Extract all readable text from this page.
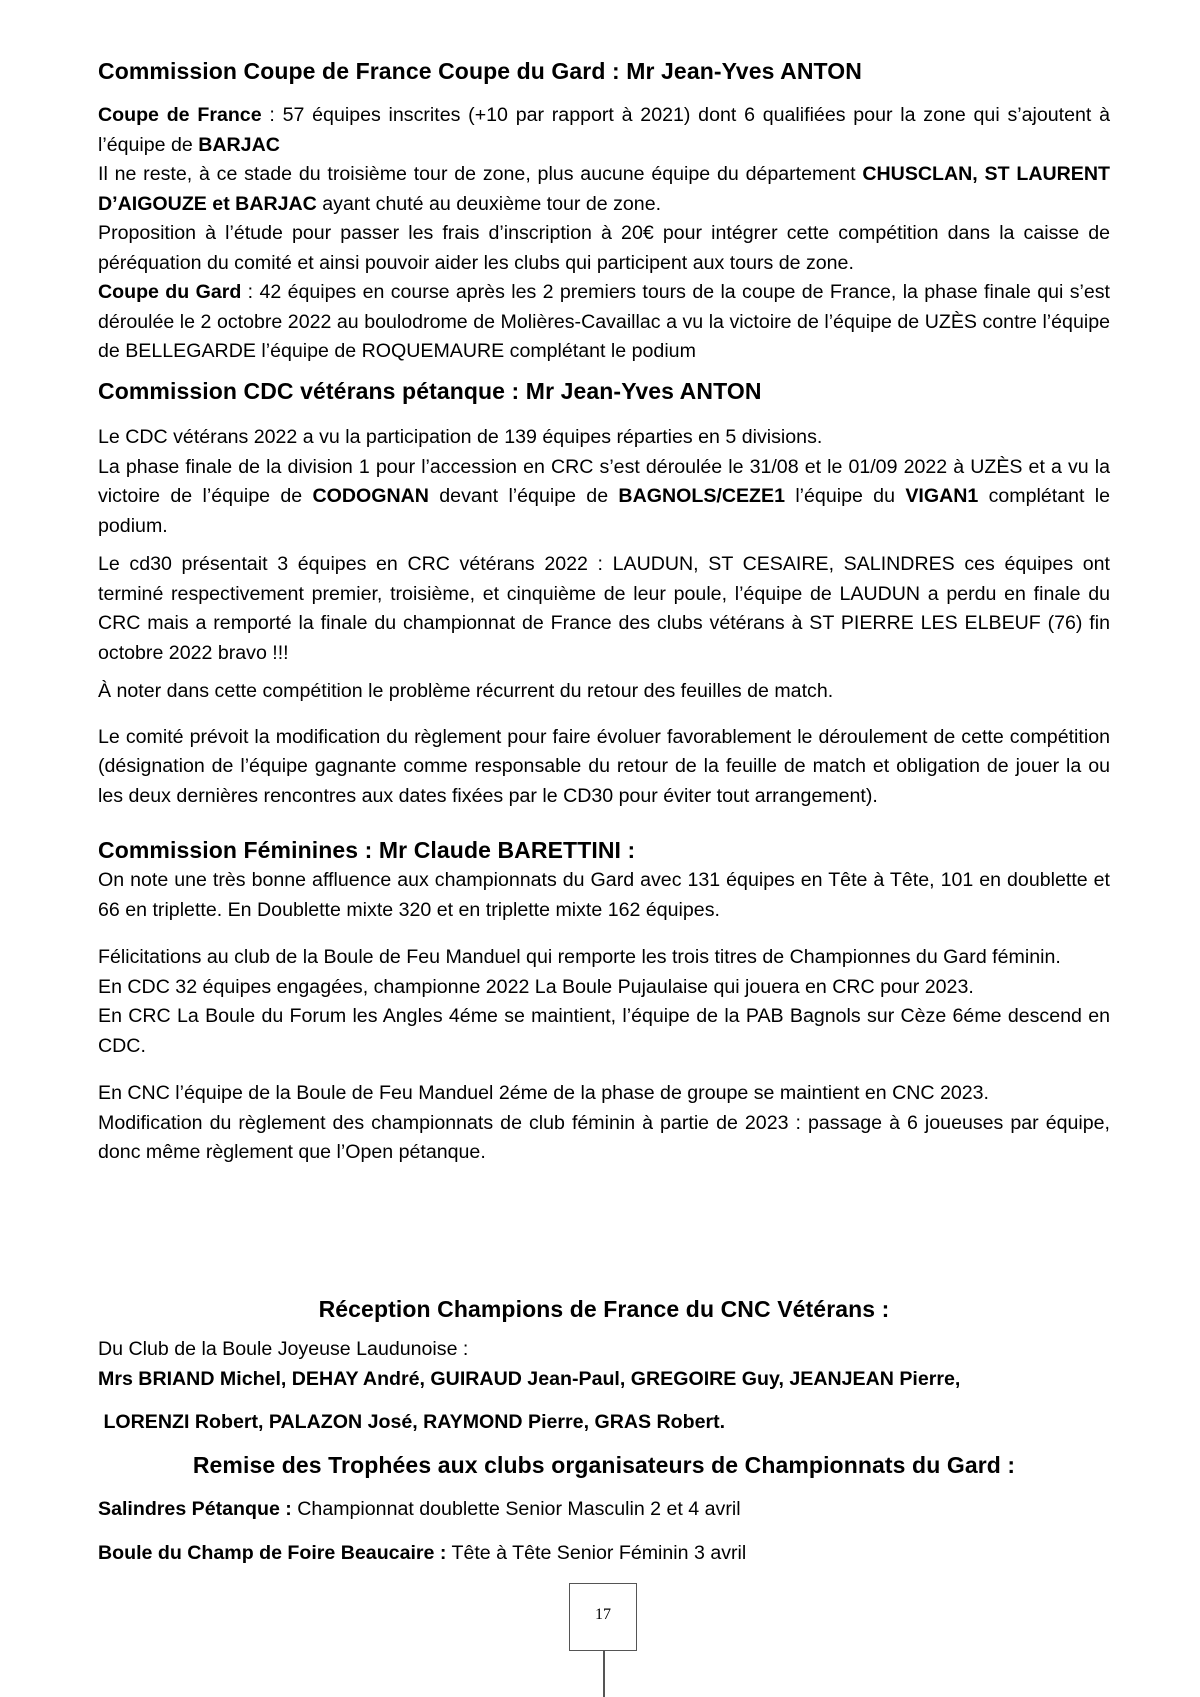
Commission Coupe de France Coupe du Gard : Mr Jean-Yves ANTON
Coupe de France : 57 équipes inscrites (+10 par rapport à 2021) dont 6 qualifiées pour la zone qui s’ajoutent à l’équipe de BARJAC
Il ne reste, à ce stade du troisième tour de zone, plus aucune équipe du département CHUSCLAN, ST LAURENT D’AIGOUZE et BARJAC ayant chuté au deuxième tour de zone.
Proposition à l’étude pour passer les frais d’inscription à 20€ pour intégrer cette compétition dans la caisse de péréquation du comité et ainsi pouvoir aider les clubs qui participent aux tours de zone.
Coupe du Gard : 42 équipes en course après les 2 premiers tours de la coupe de France, la phase finale qui s’est déroulée le 2 octobre 2022 au boulodrome de Molières-Cavaillac a vu la victoire de l’équipe de UZÈS contre l’équipe de BELLEGARDE l’équipe de ROQUEMAURE complétant le podium
Commission CDC vétérans pétanque : Mr Jean-Yves ANTON
Le CDC vétérans 2022 a vu la participation de 139 équipes réparties en 5 divisions.
La phase finale de la division 1 pour l’accession en CRC s’est déroulée le 31/08 et le 01/09 2022 à UZÈS et a vu la victoire de l’équipe de CODOGNAN devant l’équipe de BAGNOLS/CEZE1 l’équipe du VIGAN1 complétant le podium.
Le cd30 présentait 3 équipes en CRC vétérans 2022 : LAUDUN, ST CESAIRE, SALINDRES ces équipes ont terminé respectivement premier, troisième, et cinquième de leur poule, l’équipe de LAUDUN a perdu en finale du CRC mais a remporté la finale du championnat de France des clubs vétérans à ST PIERRE LES ELBEUF (76) fin octobre 2022 bravo !!!
À noter dans cette compétition le problème récurrent du retour des feuilles de match.
Le comité prévoit la modification du règlement pour faire évoluer favorablement le déroulement de cette compétition (désignation de l’équipe gagnante comme responsable du retour de la feuille de match et obligation de jouer la ou les deux dernières rencontres aux dates fixées par le CD30 pour éviter tout arrangement).
Commission Féminines : Mr Claude BARETTINI :
On note une très bonne affluence aux championnats du Gard avec 131 équipes en Tête à Tête, 101 en doublette et 66 en triplette. En Doublette mixte 320 et en triplette mixte 162 équipes.
Félicitations au club de la Boule de Feu Manduel qui remporte les trois titres de Championnes du Gard féminin.
En CDC 32 équipes engagées, championne 2022 La Boule Pujaulaise qui jouera en CRC pour 2023.
En CRC La Boule du Forum les Angles 4éme se maintient, l’équipe de la PAB Bagnols sur Cèze 6éme descend en CDC.
En CNC l’équipe de la Boule de Feu Manduel 2éme de la phase de groupe se maintient en CNC 2023.
Modification du règlement des championnats de club féminin à partie de 2023 : passage à 6 joueuses par équipe, donc même règlement que l’Open pétanque.
Réception Champions de France du CNC Vétérans :
Du Club de la Boule Joyeuse Laudunoise :
Mrs BRIAND Michel, DEHAY André, GUIRAUD Jean-Paul, GREGOIRE Guy, JEANJEAN Pierre,
LORENZI Robert, PALAZON José, RAYMOND Pierre, GRAS Robert.
Remise des Trophées aux clubs organisateurs de Championnats du Gard :
Salindres Pétanque : Championnat doublette Senior Masculin 2 et 4 avril
Boule du Champ de Foire Beaucaire : Tête à Tête Senior Féminin 3 avril
17
